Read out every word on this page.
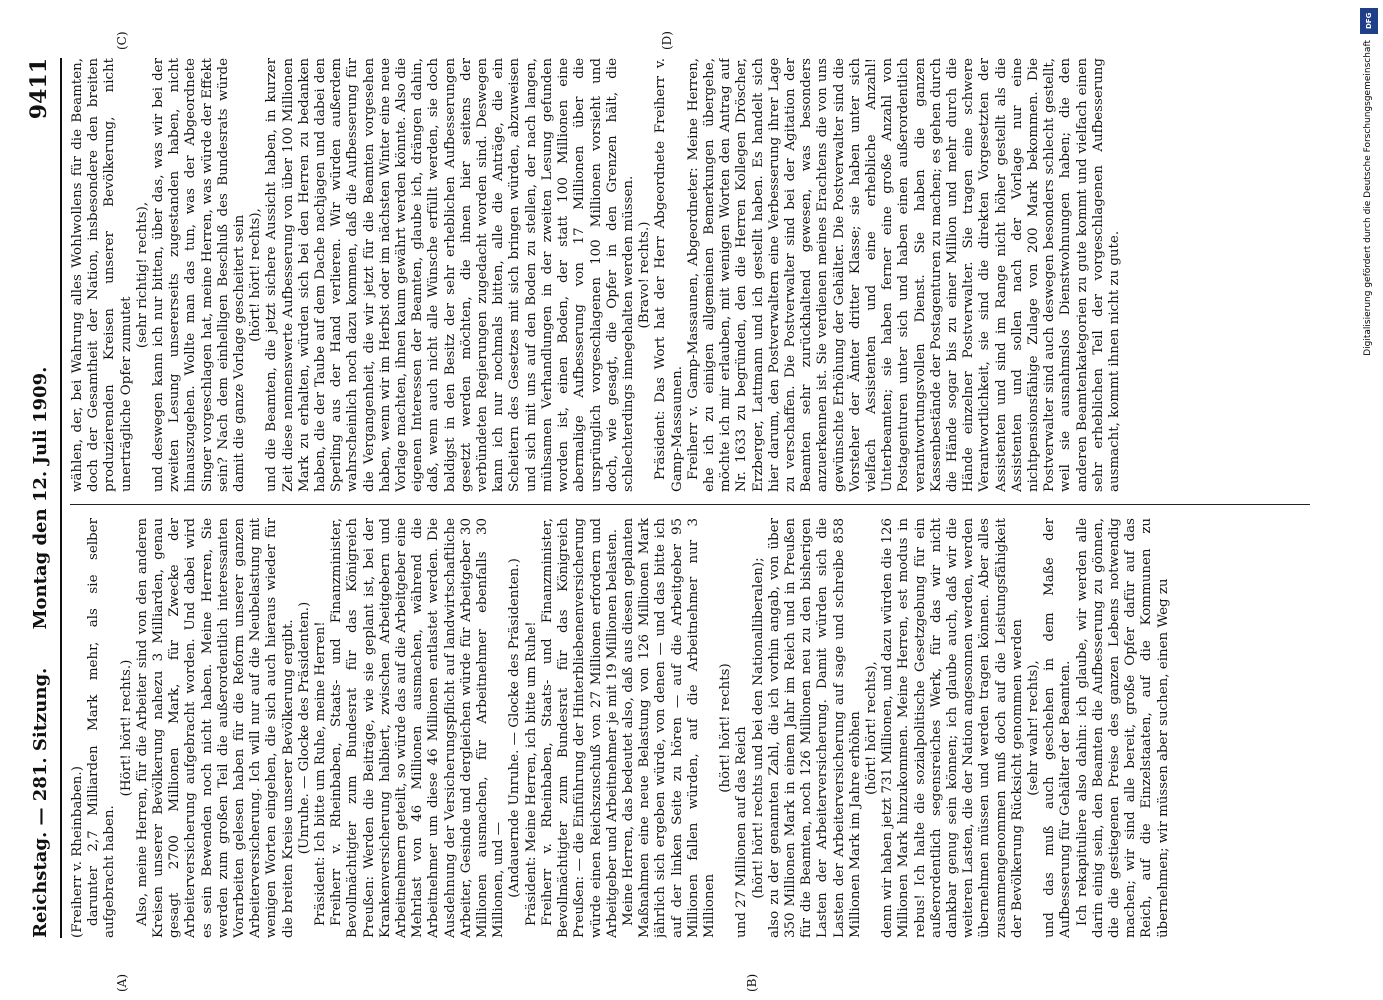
Reichstag. — 281. Sitzung.
Montag den 12. Juli 1909.
9411
(A)	(B)
(C)	(D)

(Freiherr v. Rheinbaben.) darunter 2,7 Milliarden Mark mehr, als sie selber aufgebracht haben.

(Hört! hört! rechts.) Also, meine Herren, für die Arbeiter sind von den anderen Kreisen unserer Bevölkerung nahezu 3 Milliarden, genau gesagt 2700 Millionen Mark, für Zwecke der Arbeiterversicherung aufgebracht worden. Und dabei wird es sein Bewenden noch nicht haben. Meine Herren, Sie werden zum großen Teil die außerordentlich interessanten Vorarbeiten gelesen haben für die Reform unserer ganzen Arbeiterversicherung. Ich will nur auf die Neubelastung mit wenigen Worten eingehen, die sich auch hieraus wieder für die breiten Kreise unserer Bevölkerung ergibt. (Unruhe. — Glocke des Präsidenten.) Präsident: Ich bitte um Ruhe, meine Herren! Freiherr v. Rheinbaben, Staats- und Finanzminister, Bevollmächtigter zum Bundesrat für das Königreich Preußen: Werden die Beiträge, wie sie geplant ist, bei der Krankenversicherung halbiert, zwischen Arbeitgebern und Arbeitnehmern geteilt, so würde das auf die Arbeitgeber eine Mehrlast von 46 Millionen ausmachen, während die Arbeitnehmer um diese 46 Millionen entlastet werden. Die Ausdehnung der Versicherungspflicht auf landwirtschaftliche Arbeiter, Gesinde und dergleichen würde für Arbeitgeber 30 Millionen ausmachen, für Arbeitnehmer ebenfalls 30 Millionen, und — (Andauernde Unruhe. — Glocke des Präsidenten.) Präsident: Meine Herren, ich bitte um Ruhe! Freiherr v. Rheinbaben, Staats- und Finanzminister, Bevollmächtigter zum Bundesrat für das Königreich Preußen: — die Einführung der Hinterbliebenenversicherung würde einen Reichszuschuß von 27 Millionen erfordern und Arbeitgeber und Arbeitnehmer je mit 19 Millionen belasten. Meine Herren, das bedeutet also, daß aus diesen geplanten Maßnahmen eine neue Belastung von 126 Millionen Mark jährlich sich ergeben würde, von denen — und das bitte ich auf der linken Seite zu hören — auf die Arbeitgeber 95 Millionen fallen würden, auf die Arbeitnehmer nur 3 Millionen

(hört! hört! rechts) und 27 Millionen auf das Reich (hört! hört! rechts und bei den Nationalliberalen); also zu der genannten Zahl, die ich vorhin angab, von über 350 Millionen Mark in einem Jahr im Reich und in Preußen für die Beamten, noch 126 Millionen neu zu den bisherigen Lasten der Arbeiterversicherung. Damit würden sich die Lasten der Arbeiterversicherung auf sage und schreibe 858 Millionen Mark im Jahre erhöhen (hört! hört! rechts), denn wir haben jetzt 731 Millionen, und dazu würden die 126 Millionen Mark hinzukommen. Meine Herren, est modus in rebus! Ich halte die sozialpolitische Gesetzgebung für ein außerordentlich segensreiches Werk, für das wir nicht dankbar genug sein können; ich glaube auch, daß wir die weiteren Lasten, die der Nation angesonnen werden, werden übernehmen müssen und werden tragen können. Aber alles zusammengenommen muß doch auf die Leistungsfähigkeit der Bevölkerung Rücksicht genommen werden (sehr wahr! rechts), und das muß auch geschehen in dem Maße der Aufbesserung für Gehälter der Beamten. Ich rekapituliere also dahin: ich glaube, wir werden alle darin einig sein, den Beamten die Aufbesserung zu gönnen, die die gestiegenen Preise des ganzen Lebens notwendig machen; wir sind alle bereit, große Opfer dafür auf das Reich, auf die Einzelstaaten, auf die Kommunen zu übernehmen; wir müssen aber suchen, einen Weg zu

wählen, der, bei Wahrung alles Wohlwollens für die Beamten, doch der Gesamtheit der Nation, insbesondere den breiten produzierenden Kreisen unserer Bevölkerung, nicht unerträgliche Opfer zumutet

(sehr richtig! rechts), und deswegen kann ich nur bitten, über das, was wir bei der zweiten Lesung unsererseits zugestanden haben, nicht hinauszugehen. Wollte man das tun, was der Abgeordnete Singer vorgeschlagen hat, meine Herren, was würde der Effekt sein? Nach dem einhelligen Beschluß des Bundesrats würde damit die ganze Vorlage gescheitert sein (hört! hört! rechts), und die Beamten, die jetzt sichere Aussicht haben, in kurzer Zeit diese nennenswerte Aufbesserung von über 100 Millionen Mark zu erhalten, würden sich bei den Herren zu bedanken haben, die der Taube auf dem Dache nachjagen und dabei den Sperling aus der Hand verlieren. Wir würden außerdem wahrscheinlich noch dazu kommen, daß die Aufbesserung für die Vergangenheit, die wir jetzt für die Beamten vorgesehen haben, wenn wir im Herbst oder im nächsten Winter eine neue Vorlage machten, ihnen kaum gewährt werden könnte. Also die eigenen Interessen der Beamten, glaube ich, drängen dahin, daß, wenn auch nicht alle Wünsche erfüllt werden, sie doch baldigst in den Besitz der sehr erheblichen Aufbesserungen gesetzt werden möchten, die ihnen hier seitens der verbündeten Regierungen zugedacht worden sind. Deswegen kann ich nur nochmals bitten, alle die Anträge, die ein Scheitern des Gesetzes mit sich bringen würden, abzuweisen und sich mit uns auf den Boden zu stellen, der nach langen, mühsamen Verhandlungen in der zweiten Lesung gefunden worden ist, einen Boden, der statt 100 Millionen eine abermalige Aufbesserung von 17 Millionen über die ursprünglich vorgeschlagenen 100 Millionen vorsieht und doch, wie gesagt, die Opfer in den Grenzen hält, die schlechterdings innegehalten werden müssen. (Bravo! rechts.) Präsident: Das Wort hat der Herr Abgeordnete Freiherr v. Gamp-Massaunen. Freiherr v. Gamp-Massaunen, Abgeordneter: Meine Herren, ehe ich zu einigen allgemeinen Bemerkungen übergehe, möchte ich mir erlauben, mit wenigen Worten den Antrag auf Nr. 1633 zu begründen, den die Herren Kollegen Dröscher, Erzberger, Lattmann und ich gestellt haben. Es handelt sich hier darum, den Postverwaltern eine Verbesserung ihrer Lage zu verschaffen. Die Postverwalter sind bei der Agitation der Beamten sehr zurückhaltend gewesen, was besonders anzuerkennen ist. Sie verdienen meines Erachtens die von uns gewünschte Erhöhung der Gehälter. Die Postverwalter sind die Vorsteher der Ämter dritter Klasse; sie haben unter sich vielfach Assistenten und eine erhebliche Anzahl! Unterbeamten; sie haben ferner eine große Anzahl von Postagenturen unter sich und haben einen außerordentlich verantwortungsvollen Dienst. Sie haben die ganzen Kassenbestände der Postagenturen zu machen; es gehen durch die Hände sogar bis zu einer Million und mehr durch die Hände einzelner Postverwalter. Sie tragen eine schwere Verantwortlichkeit, sie sind die direkten Vorgesetzten der Assistenten und sind im Range nicht höher gestellt als die Assistenten und sollen nach der Vorlage nur eine nichtpensionsfähige Zulage von 200 Mark bekommen. Die Postverwalter sind auch deswegen besonders schlecht gestellt, weil sie ausnahmslos Dienstwohnungen haben; die den anderen Beamtenkategorien zu gute kommt und vielfach einen sehr erheblichen Teil der vorgeschlagenen Aufbesserung ausmacht, kommt ihnen nicht zu gute.

DFG
Digitalisierung gefördert durch die Deutsche Forschungsgemeinschaft
